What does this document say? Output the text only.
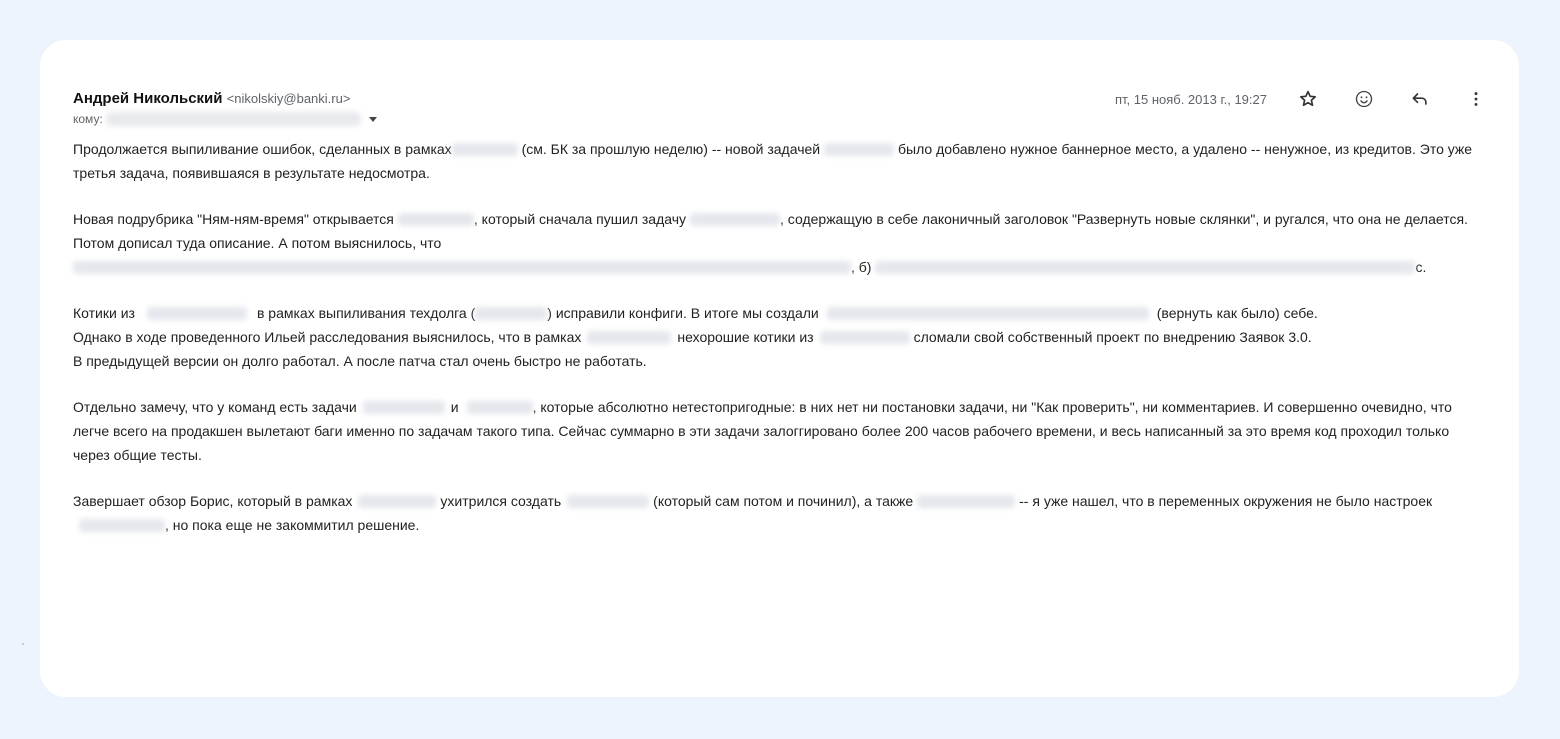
Андрей Никольский <nikolskiy@banki.ru>	пт, 15 нояб. 2013 г., 19:27
кому:

Продолжается выпиливание ошибок, сделанных в рамках	(см. БК за прошлую неделю) -- новой задачей	было добавлено нужное баннерное место, а удалено -- ненужное, из кредитов. Это уже третья задача, появившаяся в результате недосмотра.

Новая подрубрика "Ням-ням-время" открывается	, который сначала пушил задачу	, содержащую в себе лаконичный заголовок "Развернуть новые склянки", и ругался, что она не делается. Потом дописал туда описание. А потом выяснилось, что
, б)	с.

Котики из	в рамках выпиливания техдолга (	) исправили конфиги. В итоге мы создали	(вернуть как было) себе.
Однако в ходе проведенного Ильей расследования выяснилось, что в рамках	нехорошие котики из	сломали свой собственный проект по внедрению Заявок 3.0.
В предыдущей версии он долго работал. А после патча стал очень быстро не работать.

Отдельно замечу, что у команд есть задачи	и	, которые абсолютно нетестопригодные: в них нет ни постановки задачи, ни "Как проверить", ни комментариев. И совершенно очевидно, что легче всего на продакшен вылетают баги именно по задачам такого типа. Сейчас суммарно в эти задачи залоггировано более 200 часов рабочего времени, и весь написанный за это время код проходил только через общие тесты.

Завершает обзор Борис, который в рамках	ухитрился создать	(который сам потом и починил), а также	-- я уже нашел, что в переменных окружения не было настроек, но пока еще не закоммитил решение.
